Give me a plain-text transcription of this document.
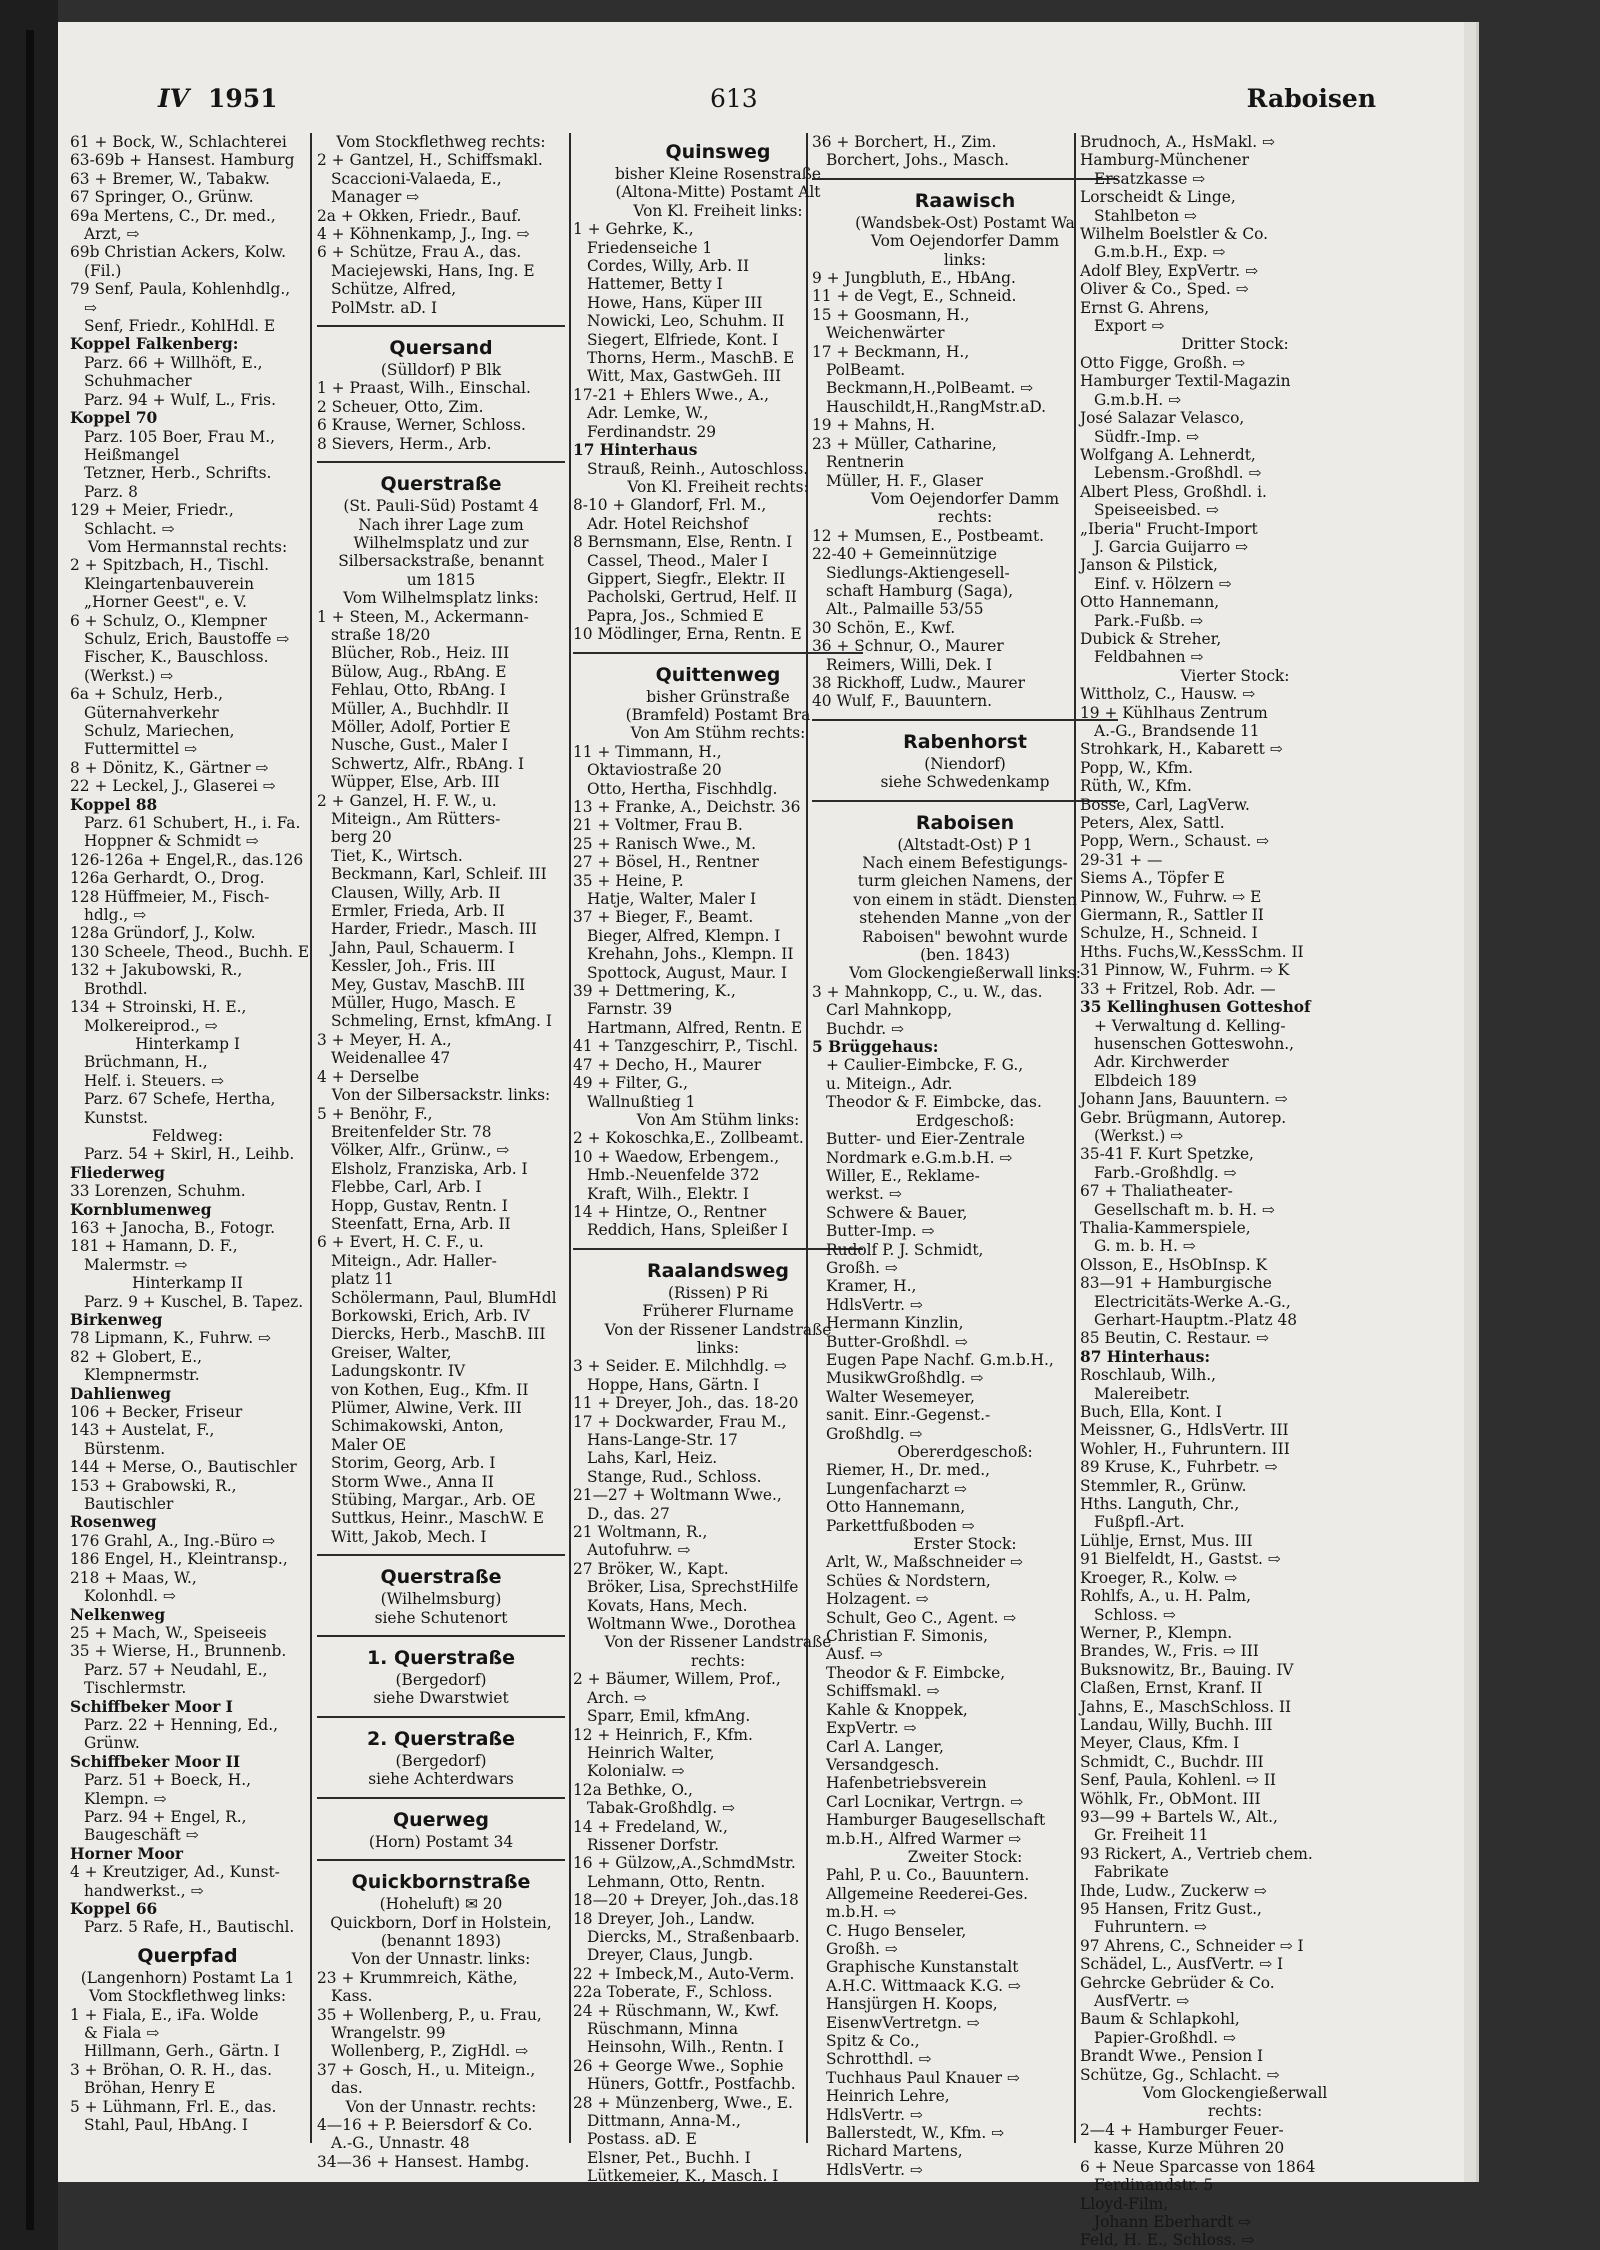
IV 1951	613	Raboisen
61 + Bock, W., Schlachterei
63-69b + Hansest. Hamburg
63 + Bremer, W., Tabakw.
67 Springer, O., Grünw.
69a Mertens, C., Dr. med.,
Arzt, ⇨
69b Christian Ackers, Kolw.
(Fil.)
79 Senf, Paula, Kohlenhdlg.,
⇨
Senf, Friedr., KohlHdl. E
Koppel Falkenberg:
Parz. 66 + Willhöft, E.,
Schuhmacher
Parz. 94 + Wulf, L., Fris.
Koppel 70
Parz. 105 Boer, Frau M.,
Heißmangel
Tetzner, Herb., Schrifts.
Parz. 8
129 + Meier, Friedr.,
Schlacht. ⇨
Vom Hermannstal rechts:
2 + Spitzbach, H., Tischl.
Kleingartenbauverein
„Horner Geest", e. V.
6 + Schulz, O., Klempner
Schulz, Erich, Baustoffe ⇨
Fischer, K., Bauschloss.
(Werkst.) ⇨
6a + Schulz, Herb.,
Güternahverkehr
Schulz, Mariechen,
Futtermittel ⇨
8 + Dönitz, K., Gärtner ⇨
22 + Leckel, J., Glaserei ⇨
Koppel 88
Parz. 61 Schubert, H., i. Fa.
Hoppner & Schmidt ⇨
126-126a + Engel,R., das.126
126a Gerhardt, O., Drog.
128 Hüffmeier, M., Fisch-
hdlg., ⇨
128a Gründorf, J., Kolw.
130 Scheele, Theod., Buchh. E
132 + Jakubowski, R.,
Brothdl.
134 + Stroinski, H. E.,
Molkereiprod., ⇨
Hinterkamp I
Brüchmann, H.,
Helf. i. Steuers. ⇨
Parz. 67 Schefe, Hertha,
Kunstst.
Feldweg:
Parz. 54 + Skirl, H., Leihb.
Fliederweg
33 Lorenzen, Schuhm.
Kornblumenweg
163 + Janocha, B., Fotogr.
181 + Hamann, D. F.,
Malermstr. ⇨
Hinterkamp II
Parz. 9 + Kuschel, B. Tapez.
Birkenweg
78 Lipmann, K., Fuhrw. ⇨
82 + Globert, E.,
Klempnermstr.
Dahlienweg
106 + Becker, Friseur
143 + Austelat, F.,
Bürstenm.
144 + Merse, O., Bautischler
153 + Grabowski, R.,
Bautischler
Rosenweg
176 Grahl, A., Ing.-Büro ⇨
186 Engel, H., Kleintransp.,
218 + Maas, W.,
Kolonhdl. ⇨
Nelkenweg
25 + Mach, W., Speiseeis
35 + Wierse, H., Brunnenb.
Parz. 57 + Neudahl, E.,
Tischlermstr.
Schiffbeker Moor I
Parz. 22 + Henning, Ed.,
Grünw.
Schiffbeker Moor II
Parz. 51 + Boeck, H.,
Klempn. ⇨
Parz. 94 + Engel, R.,
Baugeschäft ⇨
Horner Moor
4 + Kreutziger, Ad., Kunst-
handwerkst., ⇨
Koppel 66
Parz. 5 Rafe, H., Bautischl.
Querpfad
(Langenhorn) Postamt La 1
Vom Stockflethweg links:
1 + Fiala, E., iFa. Wolde
& Fiala ⇨
Hillmann, Gerh., Gärtn. I
3 + Bröhan, O. R. H., das.
Bröhan, Henry E
5 + Lühmann, Frl. E., das.
Stahl, Paul, HbAng. I
Vom Stockflethweg rechts:
2 + Gantzel, H., Schiffsmakl.
Scaccioni-Valaeda, E.,
Manager ⇨
2a + Okken, Friedr., Bauf.
4 + Köhnenkamp, J., Ing. ⇨
6 + Schütze, Frau A., das.
Maciejewski, Hans, Ing. E
Schütze, Alfred,
PolMstr. aD. I
Quersand
(Sülldorf) P Blk
1 + Praast, Wilh., Einschal.
2 Scheuer, Otto, Zim.
6 Krause, Werner, Schloss.
8 Sievers, Herm., Arb.
Querstraße
(St. Pauli-Süd) Postamt 4
Nach ihrer Lage zum
Wilhelmsplatz und zur
Silbersackstraße, benannt
um 1815
Vom Wilhelmsplatz links:
1 + Steen, M., Ackermann-
straße 18/20
Blücher, Rob., Heiz. III
Bülow, Aug., RbAng. E
Fehlau, Otto, RbAng. I
Müller, A., Buchhdlr. II
Möller, Adolf, Portier E
Nusche, Gust., Maler I
Schwertz, Alfr., RbAng. I
Wüpper, Else, Arb. III
2 + Ganzel, H. F. W., u.
Miteign., Am Rütters-
berg 20
Tiet, K., Wirtsch.
Beckmann, Karl, Schleif. III
Clausen, Willy, Arb. II
Ermler, Frieda, Arb. II
Harder, Friedr., Masch. III
Jahn, Paul, Schauerm. I
Kessler, Joh., Fris. III
Mey, Gustav, MaschB. III
Müller, Hugo, Masch. E
Schmeling, Ernst, kfmAng. I
3 + Meyer, H. A.,
Weidenallee 47
4 + Derselbe
Von der Silbersackstr. links:
5 + Benöhr, F.,
Breitenfelder Str. 78
Völker, Alfr., Grünw., ⇨
Elsholz, Franziska, Arb. I
Flebbe, Carl, Arb. I
Hopp, Gustav, Rentn. I
Steenfatt, Erna, Arb. II
6 + Evert, H. C. F., u.
Miteign., Adr. Haller-
platz 11
Schölermann, Paul, BlumHdl
Borkowski, Erich, Arb. IV
Diercks, Herb., MaschB. III
Greiser, Walter,
Ladungskontr. IV
von Kothen, Eug., Kfm. II
Plümer, Alwine, Verk. III
Schimakowski, Anton,
Maler OE
Storim, Georg, Arb. I
Storm Wwe., Anna II
Stübing, Margar., Arb. OE
Suttkus, Heinr., MaschW. E
Witt, Jakob, Mech. I
Querstraße
(Wilhelmsburg)
siehe Schutenort
1. Querstraße
(Bergedorf)
siehe Dwarstwiet
2. Querstraße
(Bergedorf)
siehe Achterdwars
Querweg
(Horn) Postamt 34
Quickbornstraße
(Hoheluft) ✉ 20
Quickborn, Dorf in Holstein,
(benannt 1893)
Von der Unnastr. links:
23 + Krummreich, Käthe,
Kass.
35 + Wollenberg, P., u. Frau,
Wrangelstr. 99
Wollenberg, P., ZigHdl. ⇨
37 + Gosch, H., u. Miteign.,
das.
Von der Unnastr. rechts:
4—16 + P. Beiersdorf & Co.
A.-G., Unnastr. 48
34—36 + Hansest. Hambg.
Quinsweg
bisher Kleine Rosenstraße
(Altona-Mitte) Postamt Alt
Von Kl. Freiheit links:
1 + Gehrke, K.,
Friedenseiche 1
Cordes, Willy, Arb. II
Hattemer, Betty I
Howe, Hans, Küper III
Nowicki, Leo, Schuhm. II
Siegert, Elfriede, Kont. I
Thorns, Herm., MaschB. E
Witt, Max, GastwGeh. III
17-21 + Ehlers Wwe., A.,
Adr. Lemke, W.,
Ferdinandstr. 29
17 Hinterhaus
Strauß, Reinh., Autoschloss.
Von Kl. Freiheit rechts:
8-10 + Glandorf, Frl. M.,
Adr. Hotel Reichshof
8 Bernsmann, Else, Rentn. I
Cassel, Theod., Maler I
Gippert, Siegfr., Elektr. II
Pacholski, Gertrud, Helf. II
Papra, Jos., Schmied E
10 Mödlinger, Erna, Rentn. E
Quittenweg
bisher Grünstraße
(Bramfeld) Postamt Bra
Von Am Stühm rechts:
11 + Timmann, H.,
Oktaviostraße 20
Otto, Hertha, Fischhdlg.
13 + Franke, A., Deichstr. 36
21 + Voltmer, Frau B.
25 + Ranisch Wwe., M.
27 + Bösel, H., Rentner
35 + Heine, P.
Hatje, Walter, Maler I
37 + Bieger, F., Beamt.
Bieger, Alfred, Klempn. I
Krehahn, Johs., Klempn. II
Spottock, August, Maur. I
39 + Dettmering, K.,
Farnstr. 39
Hartmann, Alfred, Rentn. E
41 + Tanzgeschirr, P., Tischl.
47 + Decho, H., Maurer
49 + Filter, G.,
Wallnußtieg 1
Von Am Stühm links:
2 + Kokoschka,E., Zollbeamt.
10 + Waedow, Erbengem.,
Hmb.-Neuenfelde 372
Kraft, Wilh., Elektr. I
14 + Hintze, O., Rentner
Reddich, Hans, Spleißer I
Raalandsweg
(Rissen) P Ri
Früherer Flurname
Von der Rissener Landstraße
links:
3 + Seider. E. Milchhdlg. ⇨
Hoppe, Hans, Gärtn. I
11 + Dreyer, Joh., das. 18-20
17 + Dockwarder, Frau M.,
Hans-Lange-Str. 17
Lahs, Karl, Heiz.
Stange, Rud., Schloss.
21—27 + Woltmann Wwe.,
D., das. 27
21 Woltmann, R.,
Autofuhrw. ⇨
27 Bröker, W., Kapt.
Bröker, Lisa, SprechstHilfe
Kovats, Hans, Mech.
Woltmann Wwe., Dorothea
Von der Rissener Landstraße
rechts:
2 + Bäumer, Willem, Prof.,
Arch. ⇨
Sparr, Emil, kfmAng.
12 + Heinrich, F., Kfm.
Heinrich Walter,
Kolonialw. ⇨
12a Bethke, O.,
Tabak-Großhdlg. ⇨
14 + Fredeland, W.,
Rissener Dorfstr.
16 + Gülzow,,A.,SchmdMstr.
Lehmann, Otto, Rentn.
18—20 + Dreyer, Joh.,das.18
18 Dreyer, Joh., Landw.
Diercks, M., Straßenbaarb.
Dreyer, Claus, Jungb.
22 + Imbeck,M., Auto-Verm.
22a Toberate, F., Schloss.
24 + Rüschmann, W., Kwf.
Rüschmann, Minna
Heinsohn, Wilh., Rentn. I
26 + George Wwe., Sophie
Hüners, Gottfr., Postfachb.
28 + Münzenberg, Wwe., E.
Dittmann, Anna-M.,
Postass. aD. E
Elsner, Pet., Buchh. I
Lütkemeier, K., Masch. I
36 + Borchert, H., Zim.
Borchert, Johs., Masch.
Raawisch
(Wandsbek-Ost) Postamt Wa
Vom Oejendorfer Damm
links:
9 + Jungbluth, E., HbAng.
11 + de Vegt, E., Schneid.
15 + Goosmann, H.,
Weichenwärter
17 + Beckmann, H.,
PolBeamt.
Beckmann,H.,PolBeamt. ⇨
Hauschildt,H.,RangMstr.aD.
19 + Mahns, H.
23 + Müller, Catharine,
Rentnerin
Müller, H. F., Glaser
Vom Oejendorfer Damm
rechts:
12 + Mumsen, E., Postbeamt.
22-40 + Gemeinnützige
Siedlungs-Aktiengesell-
schaft Hamburg (Saga),
Alt., Palmaille 53/55
30 Schön, E., Kwf.
36 + Schnur, O., Maurer
Reimers, Willi, Dek. I
38 Rickhoff, Ludw., Maurer
40 Wulf, F., Bauuntern.
Rabenhorst
(Niendorf)
siehe Schwedenkamp
Raboisen
(Altstadt-Ost) P 1
Nach einem Befestigungs-
turm gleichen Namens, der
von einem in städt. Diensten
stehenden Manne „von der
Raboisen" bewohnt wurde
(ben. 1843)
Vom Glockengießerwall links:
3 + Mahnkopp, C., u. W., das.
Carl Mahnkopp,
Buchdr. ⇨
5 Brüggehaus:
+ Caulier-Eimbcke, F. G.,
u. Miteign., Adr.
Theodor & F. Eimbcke, das.
Erdgeschoß:
Butter- und Eier-Zentrale
Nordmark e.G.m.b.H. ⇨
Willer, E., Reklame-
werkst. ⇨
Schwere & Bauer,
Butter-Imp. ⇨
Rudolf P. J. Schmidt,
Großh. ⇨
Kramer, H.,
HdlsVertr. ⇨
Hermann Kinzlin,
Butter-Großhdl. ⇨
Eugen Pape Nachf. G.m.b.H.,
MusikwGroßhdlg. ⇨
Walter Wesemeyer,
sanit. Einr.-Gegenst.-
Großhdlg. ⇨
Obererdgeschoß:
Riemer, H., Dr. med.,
Lungenfacharzt ⇨
Otto Hannemann,
Parkettfußboden ⇨
Erster Stock:
Arlt, W., Maßschneider ⇨
Schües & Nordstern,
Holzagent. ⇨
Schult, Geo C., Agent. ⇨
Christian F. Simonis,
Ausf. ⇨
Theodor & F. Eimbcke,
Schiffsmakl. ⇨
Kahle & Knoppek,
ExpVertr. ⇨
Carl A. Langer,
Versandgesch.
Hafenbetriebsverein
Carl Locnikar, Vertrgn. ⇨
Hamburger Baugesellschaft
m.b.H., Alfred Warmer ⇨
Zweiter Stock:
Pahl, P. u. Co., Bauuntern.
Allgemeine Reederei-Ges.
m.b.H. ⇨
C. Hugo Benseler,
Großh. ⇨
Graphische Kunstanstalt
A.H.C. Wittmaack K.G. ⇨
Hansjürgen H. Koops,
EisenwVertretgn. ⇨
Spitz & Co.,
Schrotthdl. ⇨
Tuchhaus Paul Knauer ⇨
Heinrich Lehre,
HdlsVertr. ⇨
Ballerstedt, W., Kfm. ⇨
Richard Martens,
HdlsVertr. ⇨
Brudnoch, A., HsMakl. ⇨
Hamburg-Münchener
Ersatzkasse ⇨
Lorscheidt & Linge,
Stahlbeton ⇨
Wilhelm Boelstler & Co.
G.m.b.H., Exp. ⇨
Adolf Bley, ExpVertr. ⇨
Oliver & Co., Sped. ⇨
Ernst G. Ahrens,
Export ⇨
Dritter Stock:
Otto Figge, Großh. ⇨
Hamburger Textil-Magazin
G.m.b.H. ⇨
José Salazar Velasco,
Südfr.-Imp. ⇨
Wolfgang A. Lehnerdt,
Lebensm.-Großhdl. ⇨
Albert Pless, Großhdl. i.
Speiseeisbed. ⇨
„Iberia" Frucht-Import
J. Garcia Guijarro ⇨
Janson & Pilstick,
Einf. v. Hölzern ⇨
Otto Hannemann,
Park.-Fußb. ⇨
Dubick & Streher,
Feldbahnen ⇨
Vierter Stock:
Wittholz, C., Hausw. ⇨
19 + Kühlhaus Zentrum
A.-G., Brandsende 11
Strohkark, H., Kabarett ⇨
Popp, W., Kfm.
Rüth, W., Kfm.
Bosse, Carl, LagVerw.
Peters, Alex, Sattl.
Popp, Wern., Schaust. ⇨
29-31 + —
Siems A., Töpfer E
Pinnow, W., Fuhrw. ⇨ E
Giermann, R., Sattler II
Schulze, H., Schneid. I
Hths. Fuchs,W.,KessSchm. II
31 Pinnow, W., Fuhrm. ⇨ K
33 + Fritzel, Rob. Adr. —
35 Kellinghusen Gotteshof
+ Verwaltung d. Kelling-
husenschen Gotteswohn.,
Adr. Kirchwerder
Elbdeich 189
Johann Jans, Bauuntern. ⇨
Gebr. Brügmann, Autorep.
(Werkst.) ⇨
35-41 F. Kurt Spetzke,
Farb.-Großhdlg. ⇨
67 + Thaliatheater-
Gesellschaft m. b. H. ⇨
Thalia-Kammerspiele,
G. m. b. H. ⇨
Olsson, E., HsObInsp. K
83—91 + Hamburgische
Electricitäts-Werke A.-G.,
Gerhart-Hauptm.-Platz 48
85 Beutin, C. Restaur. ⇨
87 Hinterhaus:
Roschlaub, Wilh.,
Malereibetr.
Buch, Ella, Kont. I
Meissner, G., HdlsVertr. III
Wohler, H., Fuhruntern. III
89 Kruse, K., Fuhrbetr. ⇨
Stemmler, R., Grünw.
Hths. Languth, Chr.,
Fußpfl.-Art.
Lühlje, Ernst, Mus. III
91 Bielfeldt, H., Gastst. ⇨
Kroeger, R., Kolw. ⇨
Rohlfs, A., u. H. Palm,
Schloss. ⇨
Werner, P., Klempn.
Brandes, W., Fris. ⇨ III
Buksnowitz, Br., Bauing. IV
Claßen, Ernst, Kranf. II
Jahns, E., MaschSchloss. II
Landau, Willy, Buchh. III
Meyer, Claus, Kfm. I
Schmidt, C., Buchdr. III
Senf, Paula, Kohlenl. ⇨ II
Wöhlk, Fr., ObMont. III
93—99 + Bartels W., Alt.,
Gr. Freiheit 11
93 Rickert, A., Vertrieb chem.
Fabrikate
Ihde, Ludw., Zuckerw ⇨
95 Hansen, Fritz Gust.,
Fuhruntern. ⇨
97 Ahrens, C., Schneider ⇨ I
Schädel, L., AusfVertr. ⇨ I
Gehrcke Gebrüder & Co.
AusfVertr. ⇨
Baum & Schlapkohl,
Papier-Großhdl. ⇨
Brandt Wwe., Pension I
Schütze, Gg., Schlacht. ⇨
Vom Glockengießerwall
rechts:
2—4 + Hamburger Feuer-
kasse, Kurze Mühren 20
6 + Neue Sparcasse von 1864
Ferdinandstr. 5
Lloyd-Film,
Johann Eberhardt ⇨
Feld, H. E., Schloss. ⇨
